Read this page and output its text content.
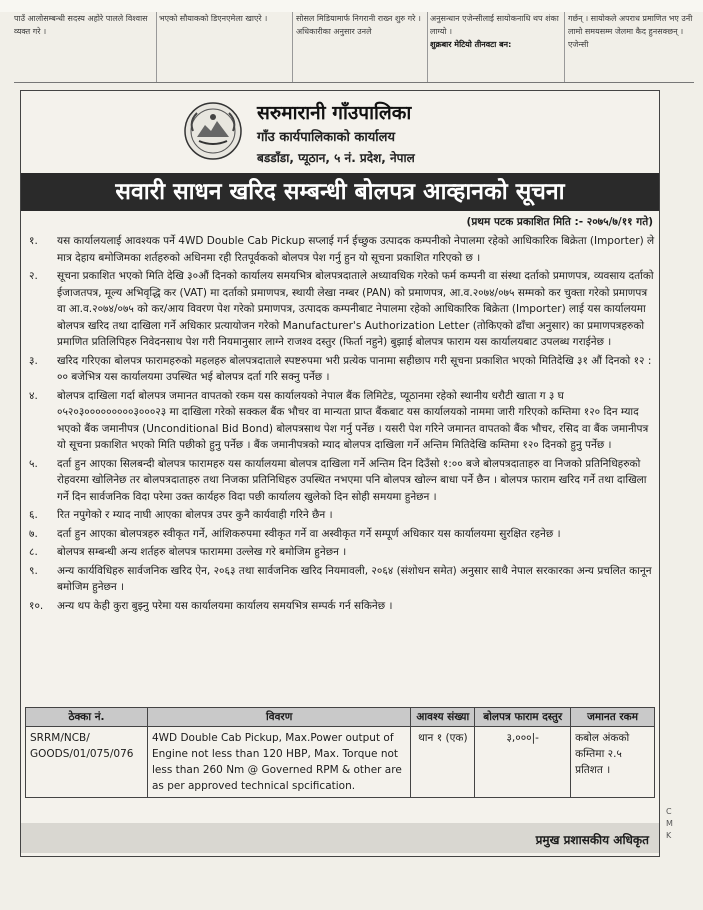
पाउँ आलोसम्बन्धी सदस्य अहोरे पालले विश्वास व्यक्त गरे ।

भएको सौयाकको डिएनएमेला खाएरे ।	सोसल मिडियामार्फ निगरानी राख्न शुरु गरे । अधिकारीका अनुसार उनले

अनुसन्धान एजेन्सीलाई सायोकनाधि थप शंका लाग्यो ।

शुक्रबार मेटियो तीनवटा बन:

गर्छन् । सायोकले अपराध प्रमाणित भए उनी लामो समयसम्म जेलमा कैद हुनसक्छन् । एजेन्सी

सरुमारानी गाँउपालिका
गाँउ कार्यपालिकाको कार्यालय
बडडाँडा, प्यूठान, ५ नं. प्रदेश, नेपाल
सवारी साधन खरिद सम्बन्धी बोलपत्र आव्हानको सूचना
(प्रथम पटक प्रकाशित मिति :- २०७५/७/११ गते)
१. यस कार्यालयलाई आवश्यक पर्ने 4WD Double Cab Pickup सप्लाई गर्न ईच्छुक उत्पादक कम्पनीको नेपालमा रहेको आधिकारिक बिक्रेता (Importer) ले मात्र देहाय बमोजिमका शर्तहरुको अधिनमा रही रितपूर्वकको बोलपत्र पेश गर्नु हुन यो सूचना प्रकाशित गरिएको छ ।
२. सूचना प्रकाशित भएको मिति देखि ३०औं दिनको कार्यालय समयभित्र बोलपत्रदाताले अध्यावधिक गरेको फर्म कम्पनी वा संस्था दर्ताको प्रमाणपत्र, व्यवसाय दर्ताको ईजाजतपत्र, मूल्य अभिवृद्धि कर (VAT) मा दर्ताको प्रमाणपत्र, स्थायी लेखा नम्बर (PAN) को प्रमाणपत्र, आ.व.२०७४/०७५ सम्मको कर चुक्ता गरेको प्रमाणपत्र वा आ.व.२०७४/०७५ को कर/आय विवरण पेश गरेको प्रमाणपत्र, उत्पादक कम्पनीबाट नेपालमा रहेको आधिकारिक बिक्रेता (Importer) लाई यस कार्यालयमा बोलपत्र खरिद तथा दाखिला गर्ने अधिकार प्रत्यायोजन गरेको Manufacturer's Authorization Letter (तोकिएको ढाँचा अनुसार) का प्रमाणपत्रहरुको प्रमाणित प्रतिलिपिहरु निवेदनसाथ पेश गरी नियमानुसार लाग्ने राजश्व दस्तुर (फिर्ता नहुने) बुझाई बोलपत्र फाराम यस कार्यालयबाट उपलब्ध गराईनेछ ।
३. खरिद गरिएका बोलपत्र फारामहरुको महलहरु बोलपत्रदाताले स्पष्टरुपमा भरी प्रत्येक पानामा सहीछाप गरी सूचना प्रकाशित भएको मितिदेखि ३१ औं दिनको १२ : ०० बजेभित्र यस कार्यालयमा उपस्थित भई बोलपत्र दर्ता गरि सक्नु पर्नेछ ।
४. बोलपत्र दाखिला गर्दा बोलपत्र जमानत वापतको रकम यस कार्यालयको नेपाल बैंक लिमिटेड, प्यूठानमा रहेको स्थानीय धरौटी खाता ग ३ घ ०५२०३०००००००००३०००२३ मा दाखिला गरेको सक्कल बैंक भौचर वा मान्यता प्राप्त बैंकबाट यस कार्यालयको नाममा जारी गरिएको कम्तिमा १२० दिन म्याद भएको बैंक जमानीपत्र (Unconditional Bid Bond) बोलपत्रसाथ पेश गर्नु पर्नेछ । यसरी पेश गरिने जमानत वापतको बैंक भौचर, रसिद वा बैंक जमानीपत्र यो सूचना प्रकाशित भएको मिति पछीको हुनु पर्नेछ । बैंक जमानीपत्रको म्याद बोलपत्र दाखिला गर्ने अन्तिम मितिदेखि कम्तिमा १२० दिनको हुनु पर्नेछ ।
५. दर्ता हुन आएका सिलबन्दी बोलपत्र फारामहरु यस कार्यालयमा बोलपत्र दाखिला गर्ने अन्तिम दिन दिउँसो १:०० बजे बोलपत्रदाताहरु वा निजको प्रतिनिधिहरुको रोहवरमा खोलिनेछ तर बोलपत्रदाताहरु तथा निजका प्रतिनिधिहरु उपस्थित नभएमा पनि बोलपत्र खोल्न बाधा पर्ने छैन । बोलपत्र फाराम खरिद गर्ने तथा दाखिला गर्ने दिन सार्वजनिक विदा परेमा उक्त कार्यहरु विदा पछी कार्यालय खुलेको दिन सोही समयमा हुनेछन ।
६. रित नपुगेको र म्याद नाघी आएका बोलपत्र उपर कुनै कार्यवाही गरिने छैन ।
७. दर्ता हुन आएका बोलपत्रहरु स्वीकृत गर्ने, आंशिकरुपमा स्वीकृत गर्ने वा अस्वीकृत गर्ने सम्पूर्ण अधिकार यस कार्यालयमा सुरक्षित रहनेछ ।
८. बोलपत्र सम्बन्धी अन्य शर्तहरु बोलपत्र फाराममा उल्लेख गरे बमोजिम हुनेछन ।
९. अन्य कार्यविधिहरु सार्वजनिक खरिद ऐन, २०६३ तथा सार्वजनिक खरिद नियमावली, २०६४ (संशोधन समेत) अनुसार साथै नेपाल सरकारका अन्य प्रचलित कानून बमोजिम हुनेछन ।
१०. अन्य थप केही कुरा बुझ्नु परेमा यस कार्यालयमा कार्यालय समयभित्र सम्पर्क गर्न सकिनेछ ।
ठेक्का नं.	विवरण	आवश्य संख्या	बोलपत्र फाराम दस्तुर	जमानत रकम
SRRM/NCB/ GOODS/01/075/076	4WD Double Cab Pickup, Max.Power output of Engine not less than 120 HBP, Max. Torque not less than 260 Nm @ Governed RPM & other are as per approved technical spcification.	थान १ (एक)	३,०००|-	कबोल अंकको कम्तिमा २.५ प्रतिशत ।
प्रमुख प्रशासकीय अधिकृत
C
M
K
